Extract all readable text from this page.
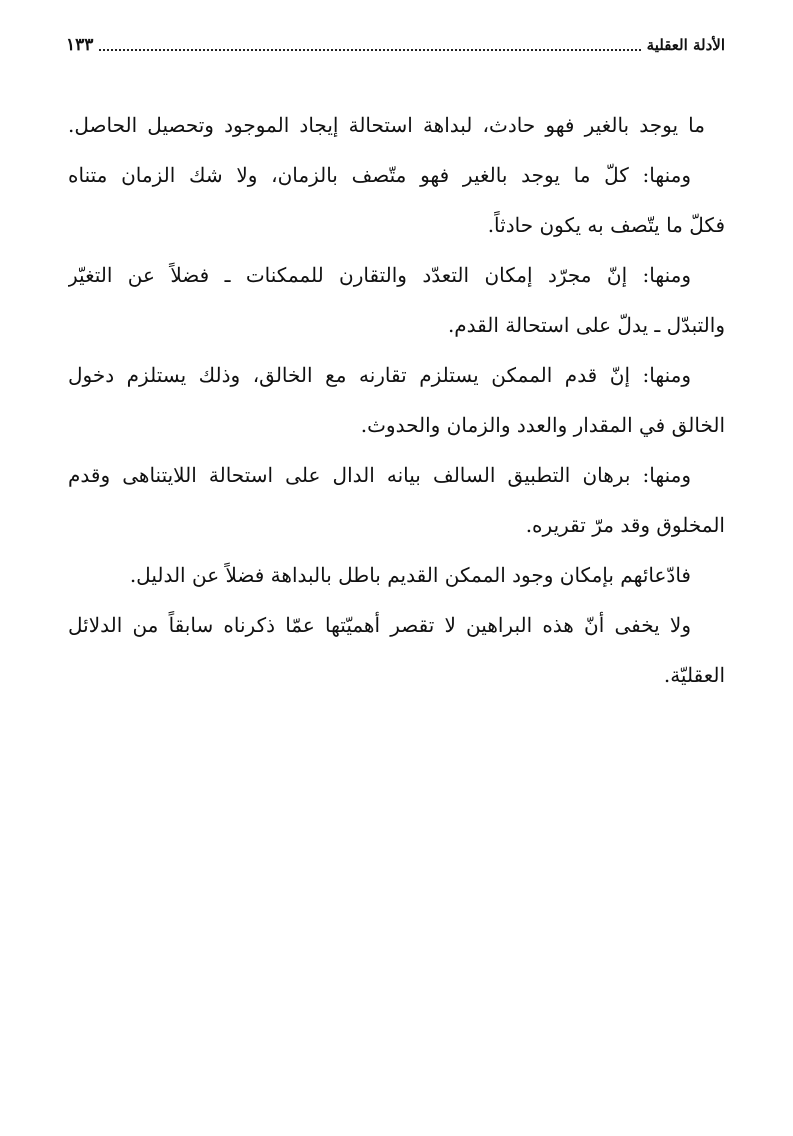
الأدلة العقلية
١٣٣
ما يوجد بالغير فهو حادث، لبداهة استحالة إيجاد الموجود وتحصيل الحاصل.
ومنها: كلّ ما يوجد بالغير فهو متّصف بالزمان، ولا شك الزمان متناه
فكلّ ما يتّصف به يكون حادثاً.
ومنها: إنّ مجرّد إمكان التعدّد والتقارن للممكنات ـ فضلاً عن التغيّر
والتبدّل ـ يدلّ على استحالة القدم.
ومنها: إنّ قدم الممكن يستلزم تقارنه مع الخالق، وذلك يستلزم دخول
الخالق في المقدار والعدد والزمان والحدوث.
ومنها: برهان التطبيق السالف بيانه الدال على استحالة اللايتناهى وقدم
المخلوق وقد مرّ تقريره.
فادّعائهم بإمكان وجود الممكن القديم باطل بالبداهة فضلاً عن الدليل.
ولا يخفى أنّ هذه البراهين لا تقصر أهميّتها عمّا ذكرناه سابقاً من الدلائل
العقليّة.
